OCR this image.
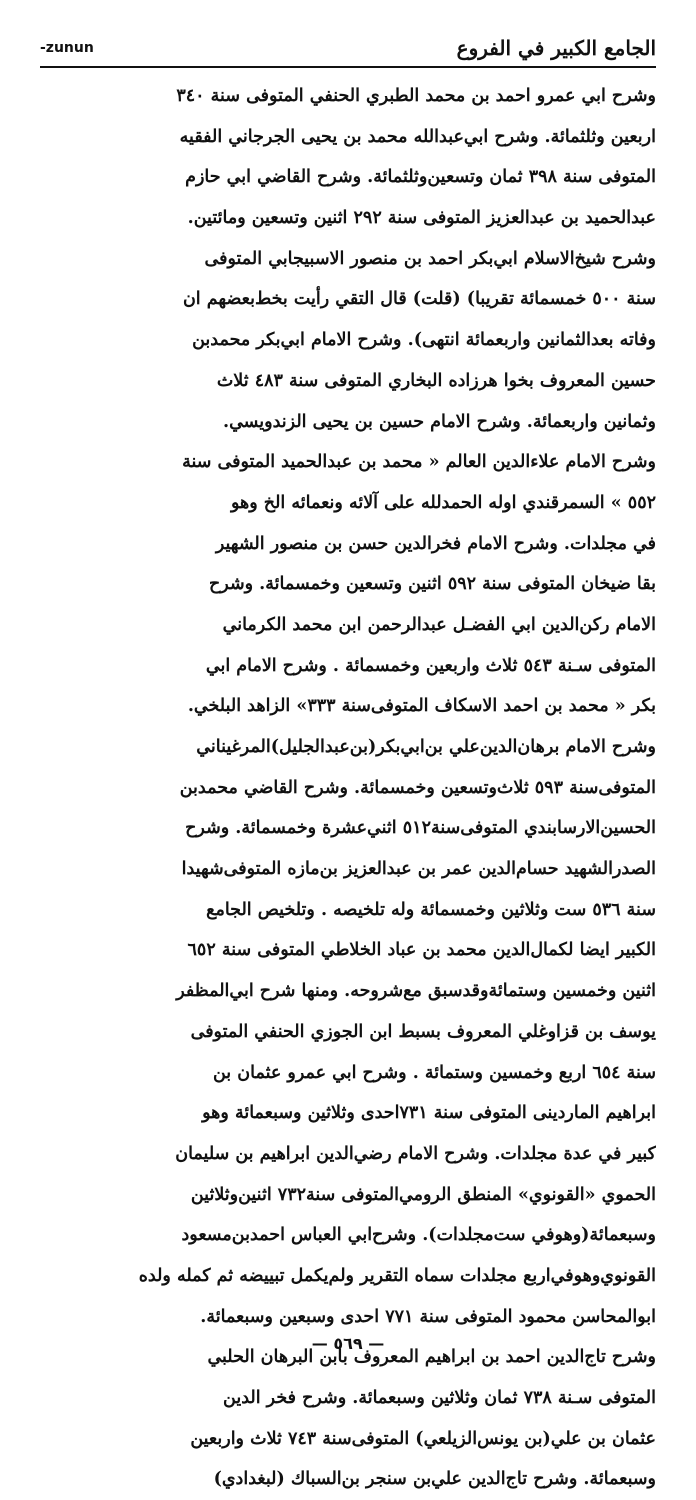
-zunun	الجامع الكبير في الفروع
وشرح ابي عمرو احمد بن محمد الطبري الحنفي المتوفى سنة ٣٤٠
اربعين وثلثمائة. وشرح ابي‌عبدالله محمد بن يحيى الجرجاني الفقيه
المتوفى سنة ٣٩٨ ثمان وتسعين‌وثلثمائة. وشرح القاضي ابي حازم
عبدالحميد بن عبدالعزيز المتوفى سنة ٢٩٢ اثنين وتسعين ومائتين.
وشرح شيخ‌الاسلام ابي‌بكر احمد بن منصور الاسبيجابي المتوفى
سنة ٥٠٠ خمسمائة تقريبا) (قلت) قال التقي رأيت بخط‌بعضهم ان
وفاته بعدالثمانين واربعمائة انتهى). وشرح الامام ابي‌بكر محمدبن
حسين المعروف بخوا هرزاده البخاري المتوفى سنة ٤٨٣ ثلاث
وثمانين واربعمائة. وشرح الامام حسين بن يحيى الزندويسي.
وشرح الامام علاءالدين العالم « محمد بن عبدالحميد المتوفى سنة
٥٥٢ » السمرقندي اوله الحمدلله على آلائه ونعمائه الخ وهو
في مجلدات. وشرح الامام فخرالدين حسن بن منصور الشهير
بقا ضيخان المتوفى سنة ٥٩٢ اثنين وتسعين وخمسمائة. وشرح
الامام ركن‌الدين ابي الفضـل عبدالرحمن ابن محمد الكرماني
المتوفى سـنة ٥٤٣ ثلاث واربعين وخمسمائة . وشرح الامام ابي
بكر « محمد بن احمد الاسكاف المتوفى‌سنة ٣٣٣» الزاهد البلخي.
وشرح الامام برهان‌الدين‌علي بن‌ابي‌بكر(بن‌عبدالجليل)المرغيناني
المتوفى‌سنة ٥٩٣ ثلاث‌وتسعين وخمسمائة. وشرح القاضي محمدبن
الحسين‌الارسابندي المتوفى‌سنة٥١٢ اثني‌عشرة وخمسمائة. وشرح
الصدرالشهيد حسام‌الدين عمر بن عبدالعزيز بن‌مازه المتوفى‌شهيدا
سنة ٥٣٦ ست وثلاثين وخمسمائة وله تلخيصه . وتلخيص الجامع
الكبير ايضا لكمال‌الدين محمد بن عباد الخلاطي المتوفى سنة ٦٥٢
اثنين وخمسين وستمائة‌وقدسبق مع‌شروحه. ومنها شرح ابي‌المظفر
يوسف بن قزاوغلي المعروف بسبط ابن الجوزي الحنفي المتوفى
سنة ٦٥٤ اربع وخمسين وستمائة . وشرح ابي عمرو عثمان بن
ابراهيم الماردينى المتوفى سنة ٧٣١احدى وثلاثين وسبعمائة وهو
كبير في عدة مجلدات. وشرح الامام رضي‌الدين ابراهيم بن سليمان
الحموي «القونوي» المنطق الرومي‌المتوفى سنة٧٣٢ اثنين‌وثلاثين
وسبعمائة(وهوفي ست‌مجلدات). وشرح‌ابي العباس احمدبن‌مسعود
القونوي‌وهوفي‌اربع مجلدات سماه التقرير ولم‌يكمل تبييضه ثم كمله ولده
ابوالمحاسن محمود المتوفى سنة ٧٧١ احدى وسبعين وسبعمائة.
وشرح تاج‌الدين احمد بن ابراهيم المعروف بابن البرهان الحلبي
المتوفى سـنة ٧٣٨ ثمان وثلاثين وسبعمائة. وشرح فخر الدين
عثمان بن علي(بن يونس‌الزيلعي) المتوفى‌سنة ٧٤٣ ثلاث واربعين
وسبعمائة. وشرح تاج‌الدين علي‌بن سنجر بن‌السباك (لبغدادي)
— ٥٦٩ —
